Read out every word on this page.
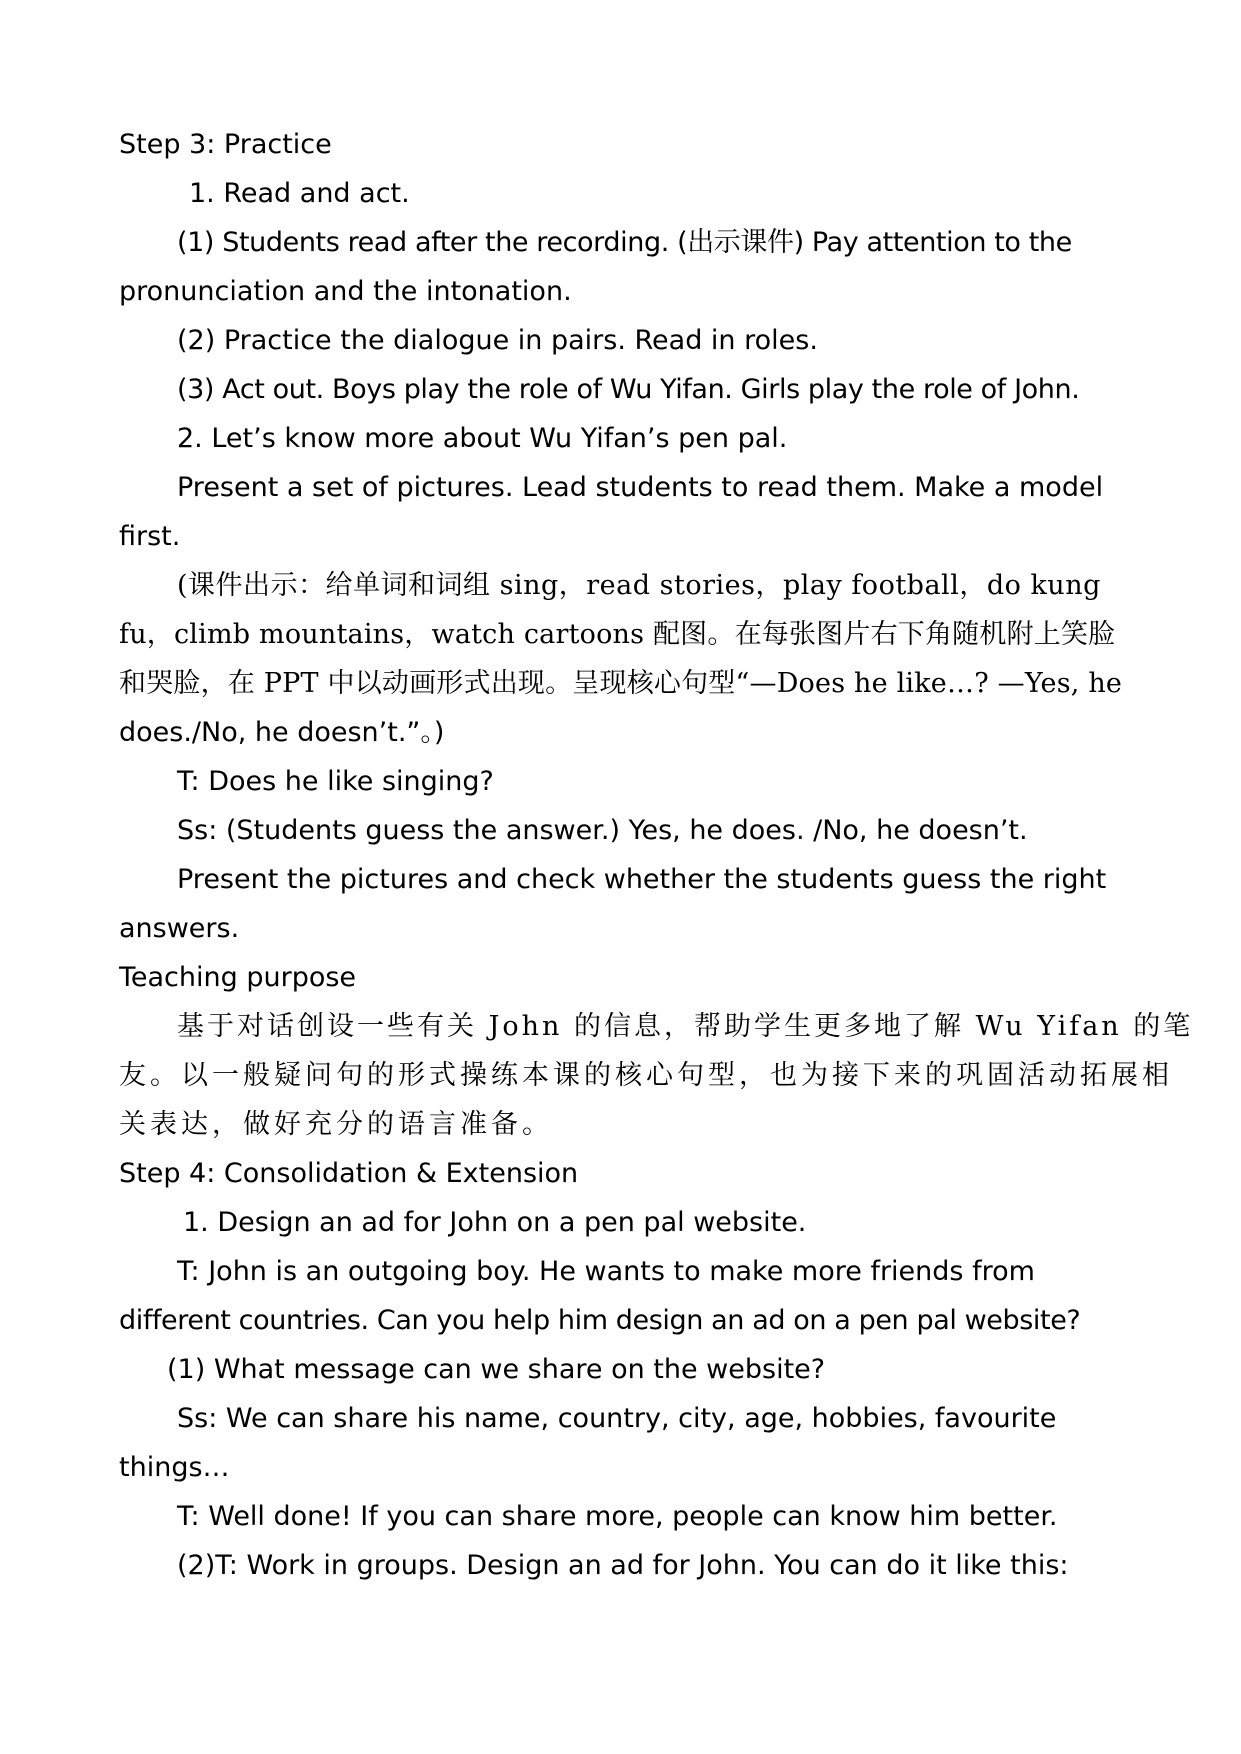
Step 3: Practice
1. Read and act.
(1) Students read after the recording. (出示课件) Pay attention to the
pronunciation and the intonation.
(2) Practice the dialogue in pairs. Read in roles.
(3) Act out. Boys play the role of Wu Yifan. Girls play the role of John.
2. Let’s know more about Wu Yifan’s pen pal.
Present a set of pictures. Lead students to read them. Make a model
first.
(课件出示：给单词和词组 sing，read stories，play football，do kung
fu，climb mountains，watch cartoons 配图。在每张图片右下角随机附上笑脸
和哭脸，在 PPT 中以动画形式出现。呈现核心句型“—Does he like…? —Yes, he
does./No, he doesn’t.”。)
T: Does he like singing?
Ss: (Students guess the answer.) Yes, he does. /No, he doesn’t.
Present the pictures and check whether the students guess the right
answers.
Teaching purpose
基于对话创设一些有关 John 的信息，帮助学生更多地了解 Wu Yifan 的笔
友。以一般疑问句的形式操练本课的核心句型，也为接下来的巩固活动拓展相
关表达，做好充分的语言准备。
Step 4: Consolidation & Extension
1. Design an ad for John on a pen pal website.
T: John is an outgoing boy. He wants to make more friends from
different countries. Can you help him design an ad on a pen pal website?
(1) What message can we share on the website?
Ss: We can share his name, country, city, age, hobbies, favourite
things…
T: Well done! If you can share more, people can know him better.
(2)T: Work in groups. Design an ad for John. You can do it like this:
